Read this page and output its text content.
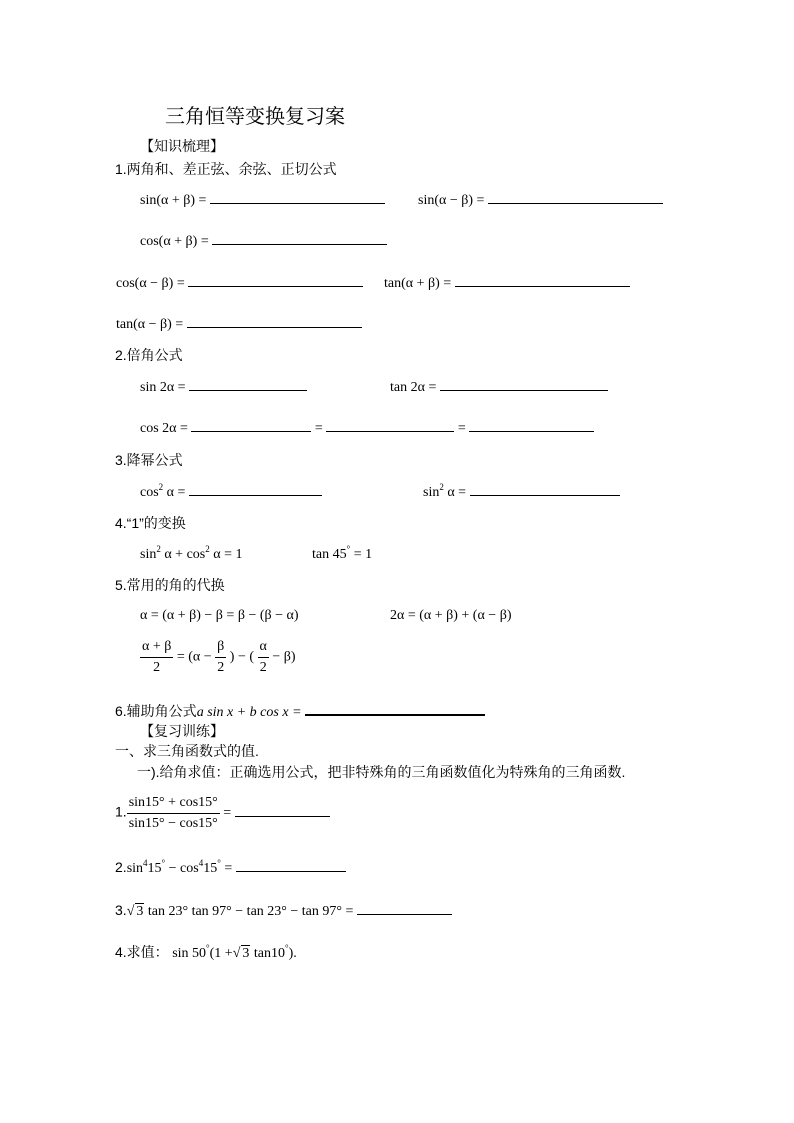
三角恒等变换复习案
【知识梳理】
1.两角和、差正弦、余弦、正切公式
sin(α + β) =	sin(α − β) =
cos(α + β) =
cos(α − β) =	tan(α + β) =
tan(α − β) =
2.倍角公式
sin 2α =	tan 2α =
cos 2α =	=	=
3.降幂公式
$\cos^2 \alpha$ =	$\sin^2 \alpha$ =
4.“1”的变换
$\sin^2 \alpha + \cos^2 \alpha = 1$	tan 45° = 1
5.常用的角的代换
α = (α + β) − β = β − (β − α)	2α = (α + β) + (α − β)
$\frac{\alpha + \beta}{2} = (\alpha - \frac{\beta}{2}$ ) − ( $\frac{\alpha}{2} - \beta$)
6.辅助角公式a sin x + b cos x =
【复习训练】
一、求三角函数式的值.
一).给角求值：正确选用公式，把非特殊角的三角函数值化为特殊角的三角函数.
1. $\frac{\sin 15^\circ + \cos 15^\circ}{\sin 15^\circ - \cos 15^\circ}$ =
$2.\sin^415^\circ - \cos^415^\circ$ =
3.√ 3 tan 23° tan 97° − tan 23° − tan 97° =
4.求值： sin 50°(1 +√ 3 tan10°).
